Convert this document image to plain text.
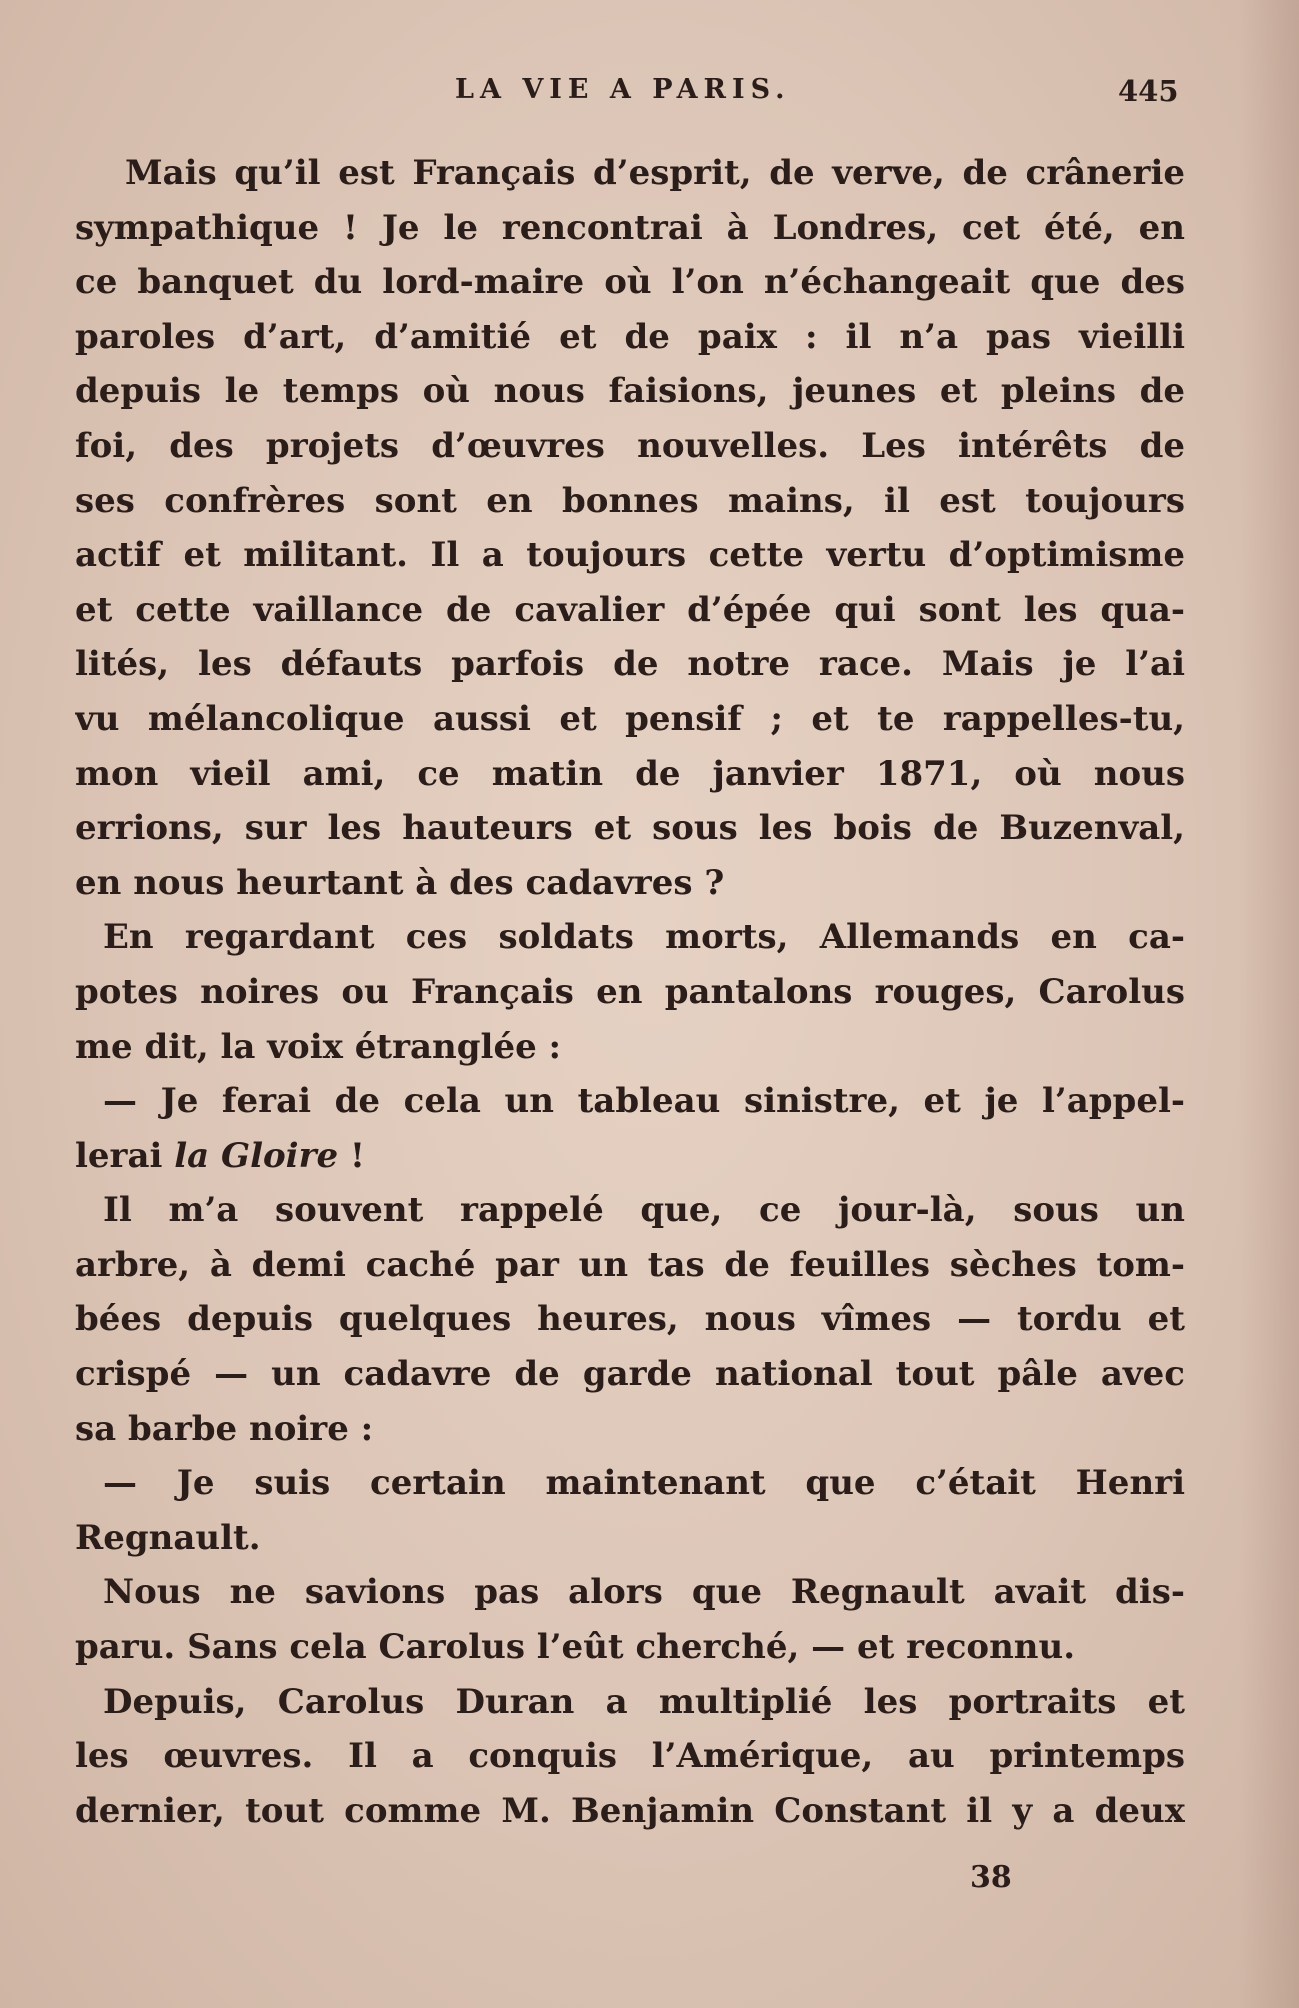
LA VIE A PARIS.	445
Mais qu’il est Français d’esprit, de verve, de crânerie
sympathique ! Je le rencontrai à Londres, cet été, en
ce banquet du lord-maire où l’on n’échangeait que des
paroles d’art, d’amitié et de paix : il n’a pas vieilli
depuis le temps où nous faisions, jeunes et pleins de
foi, des projets d’œuvres nouvelles. Les intérêts de
ses confrères sont en bonnes mains, il est toujours
actif et militant. Il a toujours cette vertu d’optimisme
et cette vaillance de cavalier d’épée qui sont les qua-
lités, les défauts parfois de notre race. Mais je l’ai
vu mélancolique aussi et pensif ; et te rappelles-tu,
mon vieil ami, ce matin de janvier 1871, où nous
errions, sur les hauteurs et sous les bois de Buzenval,
en nous heurtant à des cadavres ?
En regardant ces soldats morts, Allemands en ca-
potes noires ou Français en pantalons rouges, Carolus
me dit, la voix étranglée :
— Je ferai de cela un tableau sinistre, et je l’appel-
lerai la Gloire !
Il m’a souvent rappelé que, ce jour-là, sous un
arbre, à demi caché par un tas de feuilles sèches tom-
bées depuis quelques heures, nous vîmes — tordu et
crispé — un cadavre de garde national tout pâle avec
sa barbe noire :
— Je suis certain maintenant que c’était Henri
Regnault.
Nous ne savions pas alors que Regnault avait dis-
paru. Sans cela Carolus l’eût cherché, — et reconnu.
Depuis, Carolus Duran a multiplié les portraits et
les œuvres. Il a conquis l’Amérique, au printemps
dernier, tout comme M. Benjamin Constant il y a deux
38
